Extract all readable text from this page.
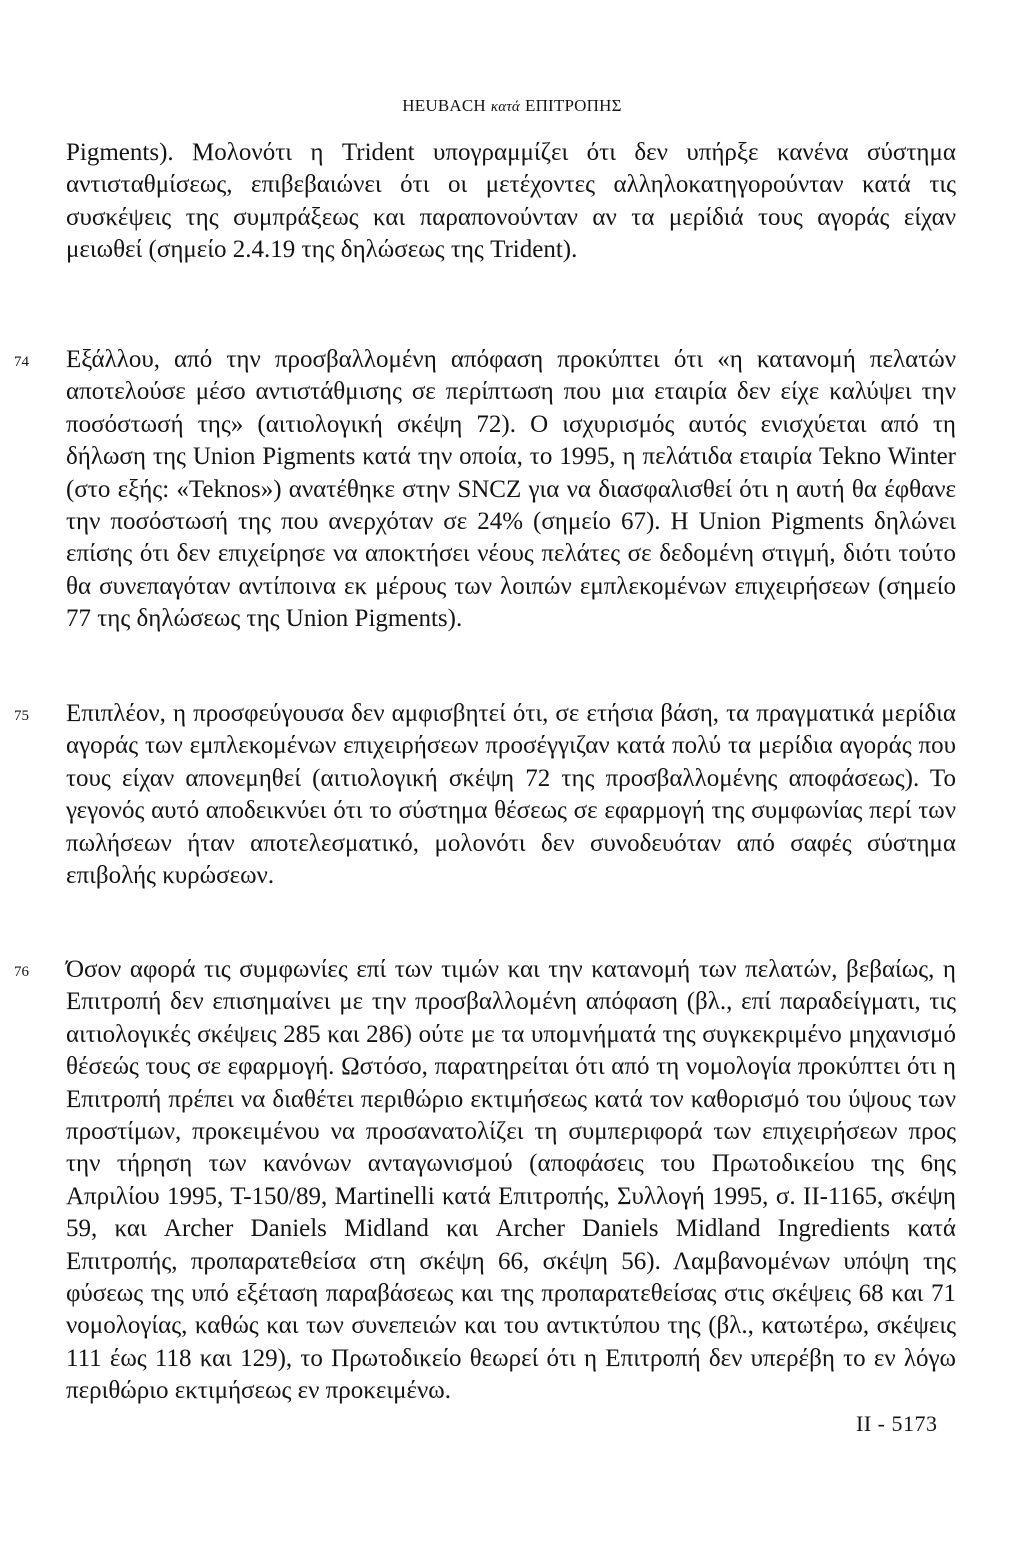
HEUBACH κατά ΕΠΙΤΡΟΠΗΣ

Pigments). Μολονότι η Trident υπογραμμίζει ότι δεν υπήρξε κανένα σύστημα αντισταθμίσεως, επιβεβαιώνει ότι οι μετέχοντες αλληλοκατηγορούνταν κατά τις συσκέψεις της συμπράξεως και παραπονούνταν αν τα μερίδιά τους αγοράς είχαν μειωθεί (σημείο 2.4.19 της δηλώσεως της Trident).

74	Εξάλλου, από την προσβαλλομένη απόφαση προκύπτει ότι «η κατανομή πελατών αποτελούσε μέσο αντιστάθμισης σε περίπτωση που μια εταιρία δεν είχε καλύψει την ποσόστωσή της» (αιτιολογική σκέψη 72). Ο ισχυρισμός αυτός ενισχύεται από τη δήλωση της Union Pigments κατά την οποία, το 1995, η πελάτιδα εταιρία Tekno Winter (στο εξής: «Teknos») ανατέθηκε στην SNCZ για να διασφαλισθεί ότι η αυτή θα έφθανε την ποσόστωσή της που ανερχόταν σε 24% (σημείο 67). Η Union Pigments δηλώνει επίσης ότι δεν επιχείρησε να αποκτήσει νέους πελάτες σε δεδομένη στιγμή, διότι τούτο θα συνεπαγόταν αντίποινα εκ μέρους των λοιπών εμπλεκομένων επιχειρήσεων (σημείο 77 της δηλώσεως της Union Pigments).

75	Επιπλέον, η προσφεύγουσα δεν αμφισβητεί ότι, σε ετήσια βάση, τα πραγματικά μερίδια αγοράς των εμπλεκομένων επιχειρήσεων προσέγγιζαν κατά πολύ τα μερίδια αγοράς που τους είχαν απονεμηθεί (αιτιολογική σκέψη 72 της προσβαλλομένης αποφάσεως). Το γεγονός αυτό αποδεικνύει ότι το σύστημα θέσεως σε εφαρμογή της συμφωνίας περί των πωλήσεων ήταν αποτελεσματικό, μολονότι δεν συνοδευόταν από σαφές σύστημα επιβολής κυρώσεων.

76	Όσον αφορά τις συμφωνίες επί των τιμών και την κατανομή των πελατών, βεβαίως, η Επιτροπή δεν επισημαίνει με την προσβαλλομένη απόφαση (βλ., επί παραδείγματι, τις αιτιολογικές σκέψεις 285 και 286) ούτε με τα υπομνήματά της συγκεκριμένο μηχανισμό θέσεώς τους σε εφαρμογή. Ωστόσο, παρατηρείται ότι από τη νομολογία προκύπτει ότι η Επιτροπή πρέπει να διαθέτει περιθώριο εκτιμήσεως κατά τον καθορισμό του ύψους των προστίμων, προκειμένου να προσανατολίζει τη συμπεριφορά των επιχειρήσεων προς την τήρηση των κανόνων ανταγωνισμού (αποφάσεις του Πρωτοδικείου της 6ης Απριλίου 1995, Τ-150/89, Martinelli κατά Επιτροπής, Συλλογή 1995, σ. ΙΙ-1165, σκέψη 59, και Archer Daniels Midland και Archer Daniels Midland Ingredients κατά Επιτροπής, προπαρατεθείσα στη σκέψη 66, σκέψη 56). Λαμβανομένων υπόψη της φύσεως της υπό εξέταση παραβάσεως και της προπαρατεθείσας στις σκέψεις 68 και 71 νομολογίας, καθώς και των συνεπειών και του αντικτύπου της (βλ., κατωτέρω, σκέψεις 111 έως 118 και 129), το Πρωτοδικείο θεωρεί ότι η Επιτροπή δεν υπερέβη το εν λόγω περιθώριο εκτιμήσεως εν προκειμένω.

II - 5173
